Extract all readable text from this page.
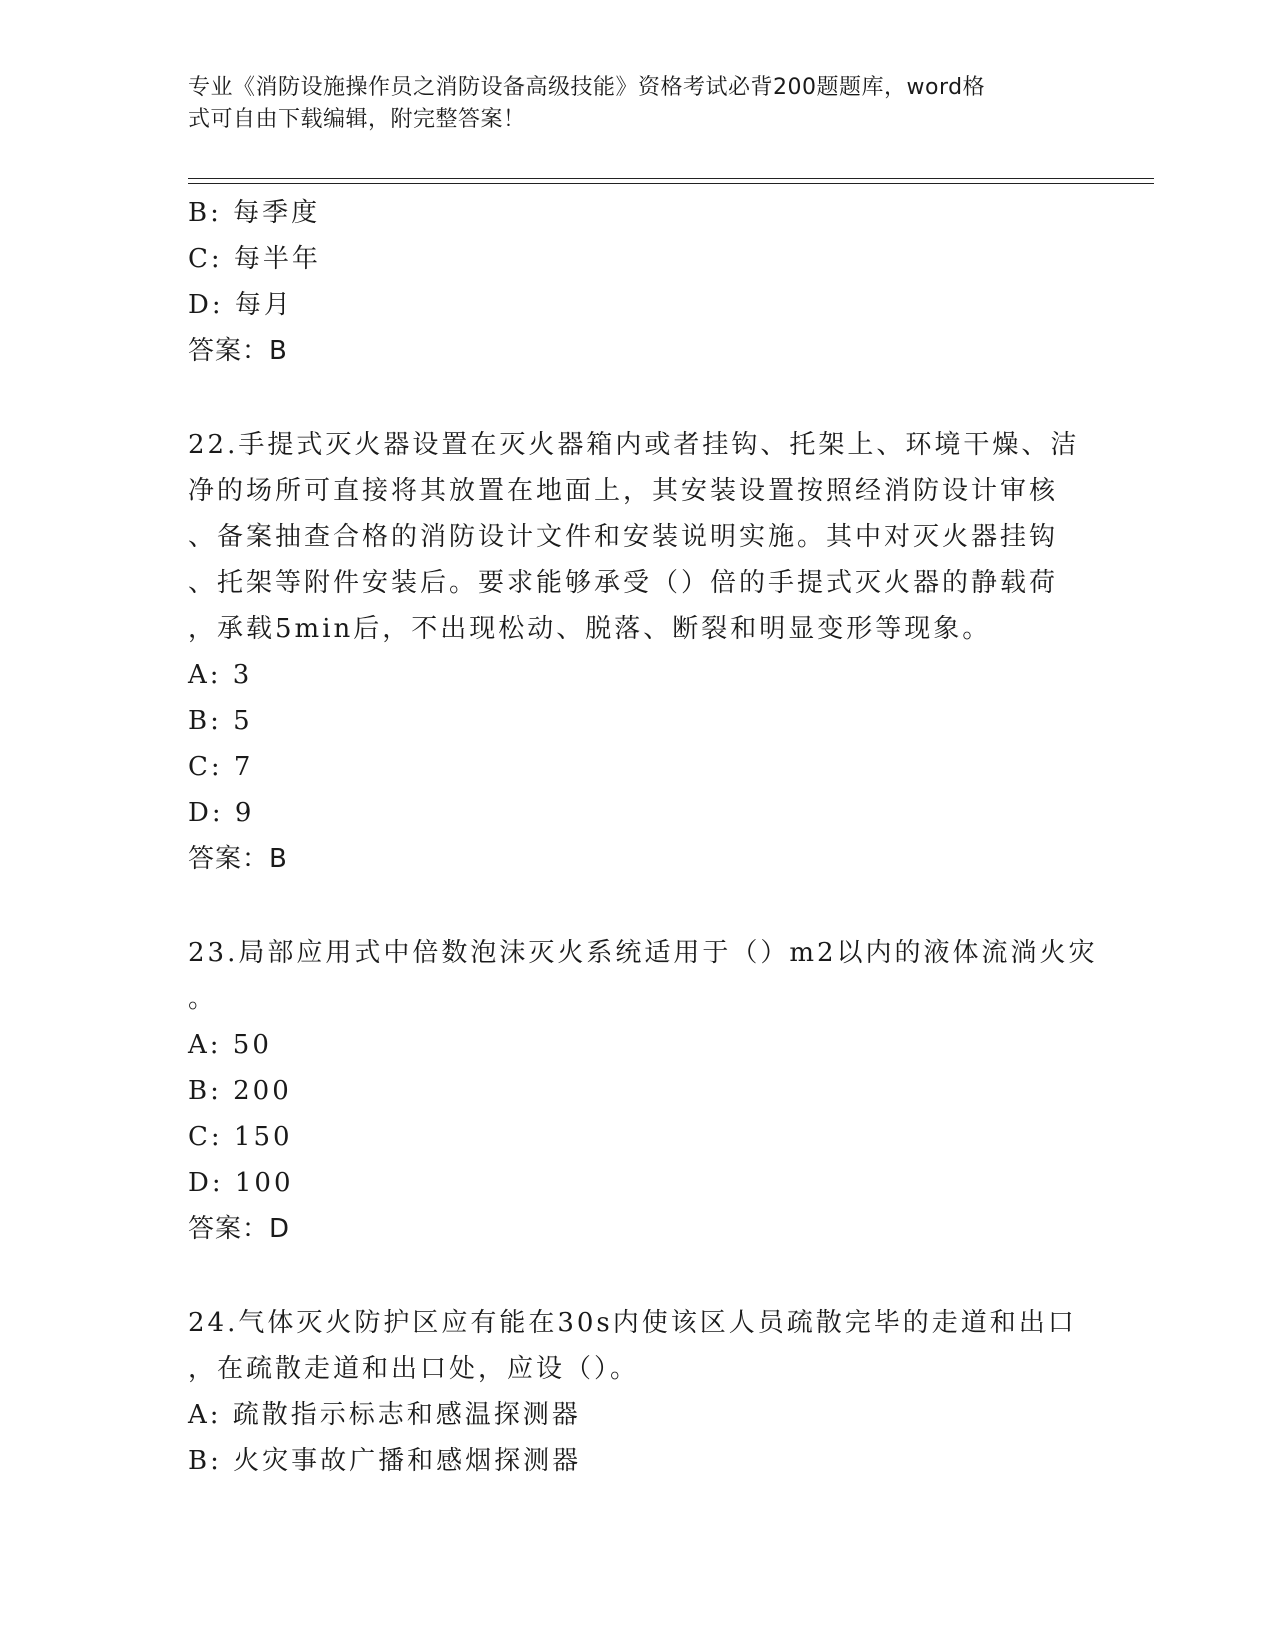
专业《消防设施操作员之消防设备高级技能》资格考试必背200题题库，word格
式可自由下载编辑，附完整答案！
B: 每季度
C: 每半年
D: 每月
答案：B
22.手提式灭火器设置在灭火器箱内或者挂钩、托架上、环境干燥、洁
净的场所可直接将其放置在地面上，其安装设置按照经消防设计审核
、备案抽查合格的消防设计文件和安装说明实施。其中对灭火器挂钩
、托架等附件安装后。要求能够承受（）倍的手提式灭火器的静载荷
，承载5min后，不出现松动、脱落、断裂和明显变形等现象。
A: 3
B: 5
C: 7
D: 9
答案：B
23.局部应用式中倍数泡沫灭火系统适用于（）m2以内的液体流淌火灾
。
A: 50
B: 200
C: 150
D: 100
答案：D
24.气体灭火防护区应有能在30s内使该区人员疏散完毕的走道和出口
，在疏散走道和出口处，应设（）。
A: 疏散指示标志和感温探测器
B: 火灾事故广播和感烟探测器
